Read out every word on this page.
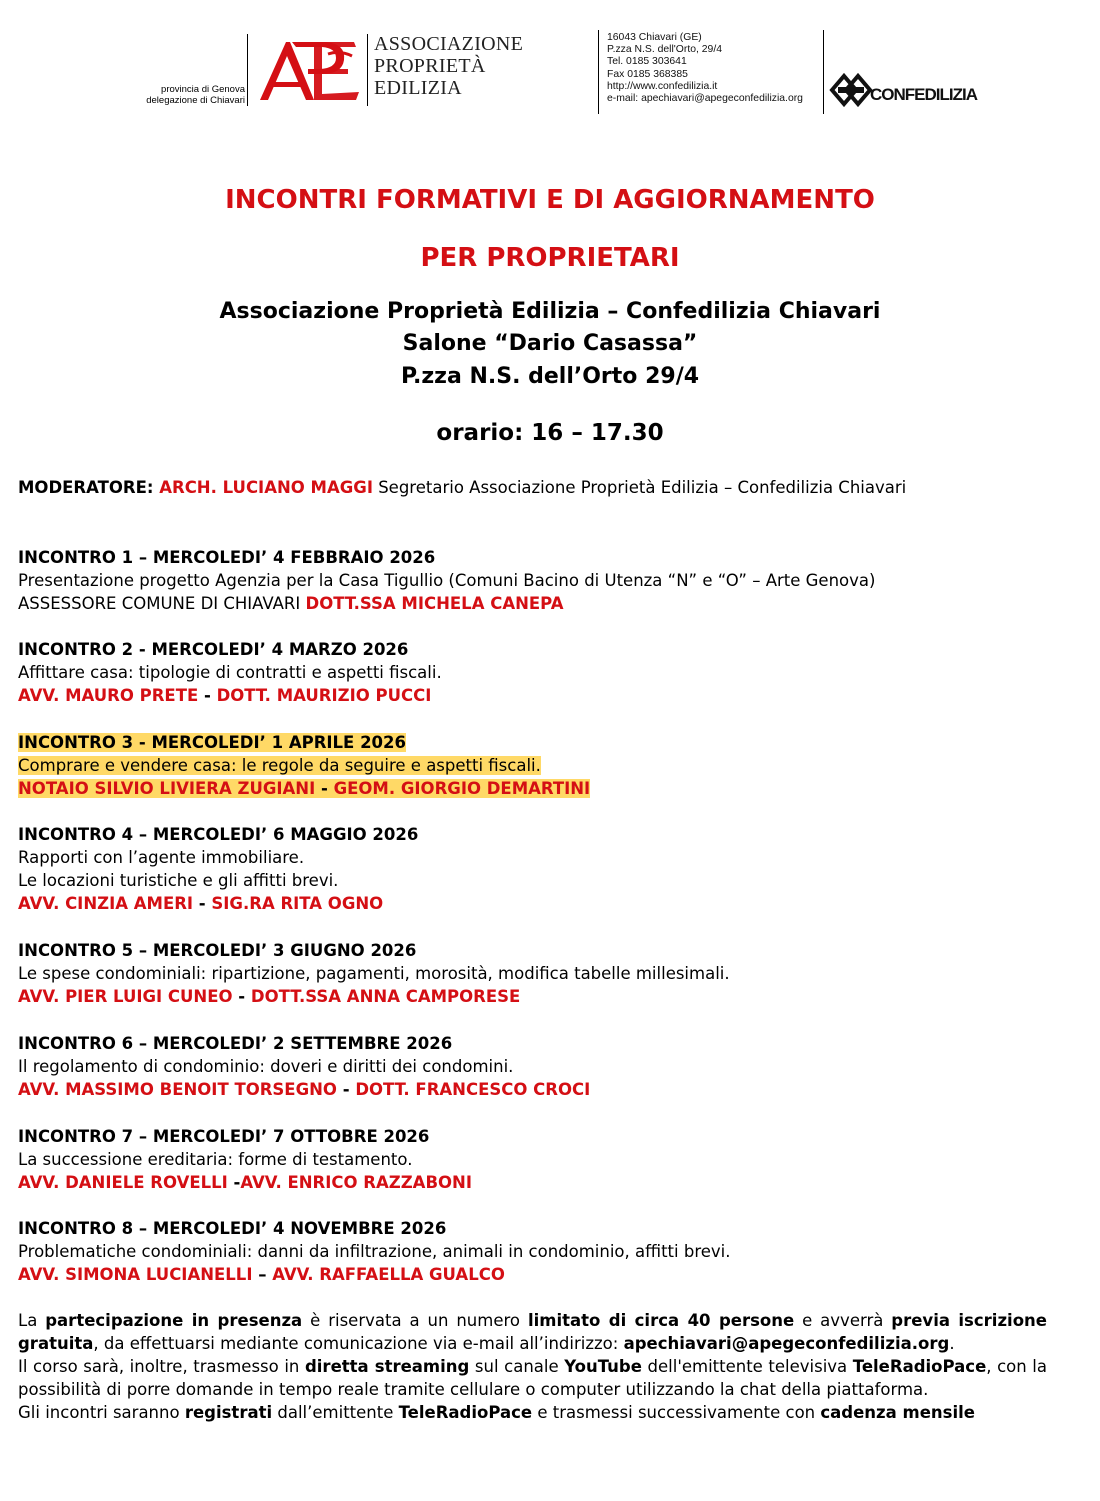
provincia di Genova
delegazione di Chiavari
ASSOCIAZIONE
PROPRIETÀ
EDILIZIA
16043 Chiavari (GE)
P.zza N.S. dell'Orto, 29/4
Tel. 0185 303641
Fax 0185 368385
http://www.confedilizia.it
e-mail: apechiavari@apegeconfedilizia.org	CONFEDILIZIA
INCONTRI FORMATIVI E DI AGGIORNAMENTO
PER PROPRIETARI
Associazione Proprietà Edilizia – Confedilizia Chiavari
Salone “Dario Casassa”
P.zza N.S. dell’Orto 29/4
orario: 16 – 17.30
MODERATORE: ARCH. LUCIANO MAGGI Segretario Associazione Proprietà Edilizia – Confedilizia Chiavari
INCONTRO 1 – MERCOLEDI’ 4 FEBBRAIO 2026
Presentazione progetto Agenzia per la Casa Tigullio (Comuni Bacino di Utenza “N” e “O” – Arte Genova)
ASSESSORE COMUNE DI CHIAVARI DOTT.SSA MICHELA CANEPA
INCONTRO 2 - MERCOLEDI’ 4 MARZO 2026
Affittare casa: tipologie di contratti e aspetti fiscali.
AVV. MAURO PRETE - DOTT. MAURIZIO PUCCI
INCONTRO 3 - MERCOLEDI’ 1 APRILE 2026
Comprare e vendere casa: le regole da seguire e aspetti fiscali.
NOTAIO SILVIO LIVIERA ZUGIANI - GEOM. GIORGIO DEMARTINI
INCONTRO 4 – MERCOLEDI’ 6 MAGGIO 2026
Rapporti con l’agente immobiliare.
Le locazioni turistiche e gli affitti brevi.
AVV. CINZIA AMERI - SIG.RA RITA OGNO
INCONTRO 5 – MERCOLEDI’ 3 GIUGNO 2026
Le spese condominiali: ripartizione, pagamenti, morosità, modifica tabelle millesimali.
AVV. PIER LUIGI CUNEO - DOTT.SSA ANNA CAMPORESE
INCONTRO 6 – MERCOLEDI’ 2 SETTEMBRE 2026
Il regolamento di condominio: doveri e diritti dei condomini.
AVV. MASSIMO BENOIT TORSEGNO - DOTT. FRANCESCO CROCI
INCONTRO 7 – MERCOLEDI’ 7 OTTOBRE 2026
La successione ereditaria: forme di testamento.
AVV. DANIELE ROVELLI -AVV. ENRICO RAZZABONI
INCONTRO 8 – MERCOLEDI’ 4 NOVEMBRE 2026
Problematiche condominiali: danni da infiltrazione, animali in condominio, affitti brevi.
AVV. SIMONA LUCIANELLI – AVV. RAFFAELLA GUALCO

La partecipazione in presenza è riservata a un numero limitato di circa 40 persone e avverrà previa iscrizione gratuita, da effettuarsi mediante comunicazione via e-mail all’indirizzo: apechiavari@apegeconfedilizia.org.

Il corso sarà, inoltre, trasmesso in diretta streaming sul canale YouTube dell'emittente televisiva TeleRadioPace, con la possibilità di porre domande in tempo reale tramite cellulare o computer utilizzando la chat della piattaforma.

Gli incontri saranno registrati dall’emittente TeleRadioPace e trasmessi successivamente con cadenza mensile
